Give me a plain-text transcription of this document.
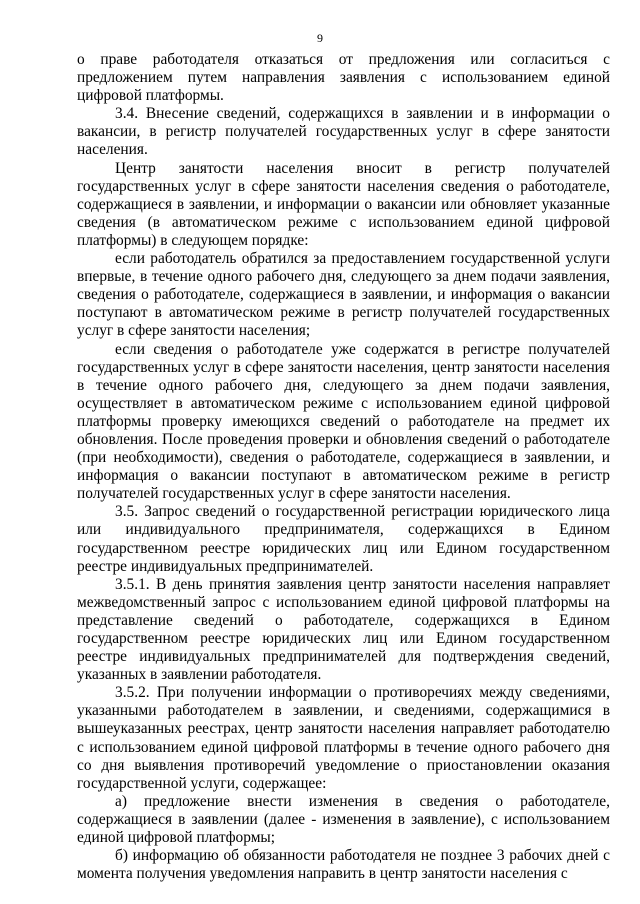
9

о праве работодателя отказаться от предложения или согласиться с предложением путем направления заявления с использованием единой цифровой платформы.

3.4. Внесение сведений, содержащихся в заявлении и в информации о вакансии, в регистр получателей государственных услуг в сфере занятости населения.

Центр занятости населения вносит в регистр получателей государственных услуг в сфере занятости населения сведения о работодателе, содержащиеся в заявлении, и информации о вакансии или обновляет указанные сведения (в автоматическом режиме с использованием единой цифровой платформы) в следующем порядке:

если работодатель обратился за предоставлением государственной услуги впервые, в течение одного рабочего дня, следующего за днем подачи заявления, сведения о работодателе, содержащиеся в заявлении, и информация о вакансии поступают в автоматическом режиме в регистр получателей государственных услуг в сфере занятости населения;

если сведения о работодателе уже содержатся в регистре получателей государственных услуг в сфере занятости населения, центр занятости населения в течение одного рабочего дня, следующего за днем подачи заявления, осуществляет в автоматическом режиме с использованием единой цифровой платформы проверку имеющихся сведений о работодателе на предмет их обновления. После проведения проверки и обновления сведений о работодателе (при необходимости), сведения о работодателе, содержащиеся в заявлении, и информация о вакансии поступают в автоматическом режиме в регистр получателей государственных услуг в сфере занятости населения.

3.5. Запрос сведений о государственной регистрации юридического лица или индивидуального предпринимателя, содержащихся в Едином государственном реестре юридических лиц или Едином государственном реестре индивидуальных предпринимателей.

3.5.1. В день принятия заявления центр занятости населения направляет межведомственный запрос с использованием единой цифровой платформы на представление сведений о работодателе, содержащихся в Едином государственном реестре юридических лиц или Едином государственном реестре индивидуальных предпринимателей для подтверждения сведений, указанных в заявлении работодателя.

3.5.2. При получении информации о противоречиях между сведениями, указанными работодателем в заявлении, и сведениями, содержащимися в вышеуказанных реестрах, центр занятости населения направляет работодателю с использованием единой цифровой платформы в течение одного рабочего дня со дня выявления противоречий уведомление о приостановлении оказания государственной услуги, содержащее:

а) предложение внести изменения в сведения о работодателе, содержащиеся в заявлении (далее - изменения в заявление), с использованием единой цифровой платформы;

б) информацию об обязанности работодателя не позднее 3 рабочих дней с момента получения уведомления направить в центр занятости населения с
